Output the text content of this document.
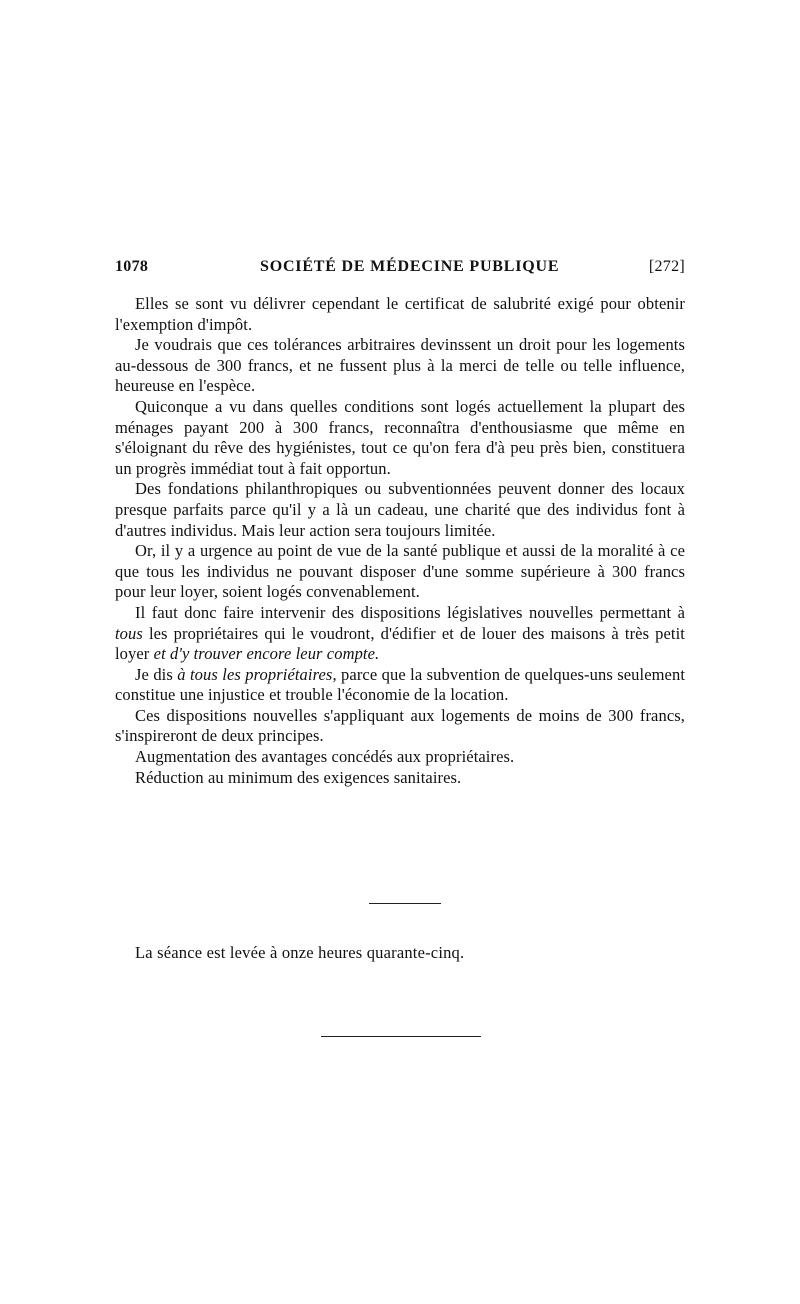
1078	SOCIÉTÉ DE MÉDECINE PUBLIQUE	[272]

Elles se sont vu délivrer cependant le certificat de salubrité exigé pour obtenir l'exemption d'impôt.

Je voudrais que ces tolérances arbitraires devinssent un droit pour les logements au-dessous de 300 francs, et ne fussent plus à la merci de telle ou telle influence, heureuse en l'espèce.

Quiconque a vu dans quelles conditions sont logés actuellement la plupart des ménages payant 200 à 300 francs, reconnaîtra d'enthousiasme que même en s'éloignant du rêve des hygiénistes, tout ce qu'on fera d'à peu près bien, constituera un progrès immédiat tout à fait opportun.

Des fondations philanthropiques ou subventionnées peuvent donner des locaux presque parfaits parce qu'il y a là un cadeau, une charité que des individus font à d'autres individus. Mais leur action sera toujours limitée.

Or, il y a urgence au point de vue de la santé publique et aussi de la moralité à ce que tous les individus ne pouvant disposer d'une somme supérieure à 300 francs pour leur loyer, soient logés convenablement.

Il faut donc faire intervenir des dispositions législatives nouvelles permettant à tous les propriétaires qui le voudront, d'édifier et de louer des maisons à très petit loyer et d'y trouver encore leur compte.

Je dis à tous les propriétaires, parce que la subvention de quelques-uns seulement constitue une injustice et trouble l'économie de la location.

Ces dispositions nouvelles s'appliquant aux logements de moins de 300 francs, s'inspireront de deux principes.

Augmentation des avantages concédés aux propriétaires.

Réduction au minimum des exigences sanitaires.

La séance est levée à onze heures quarante-cinq.
